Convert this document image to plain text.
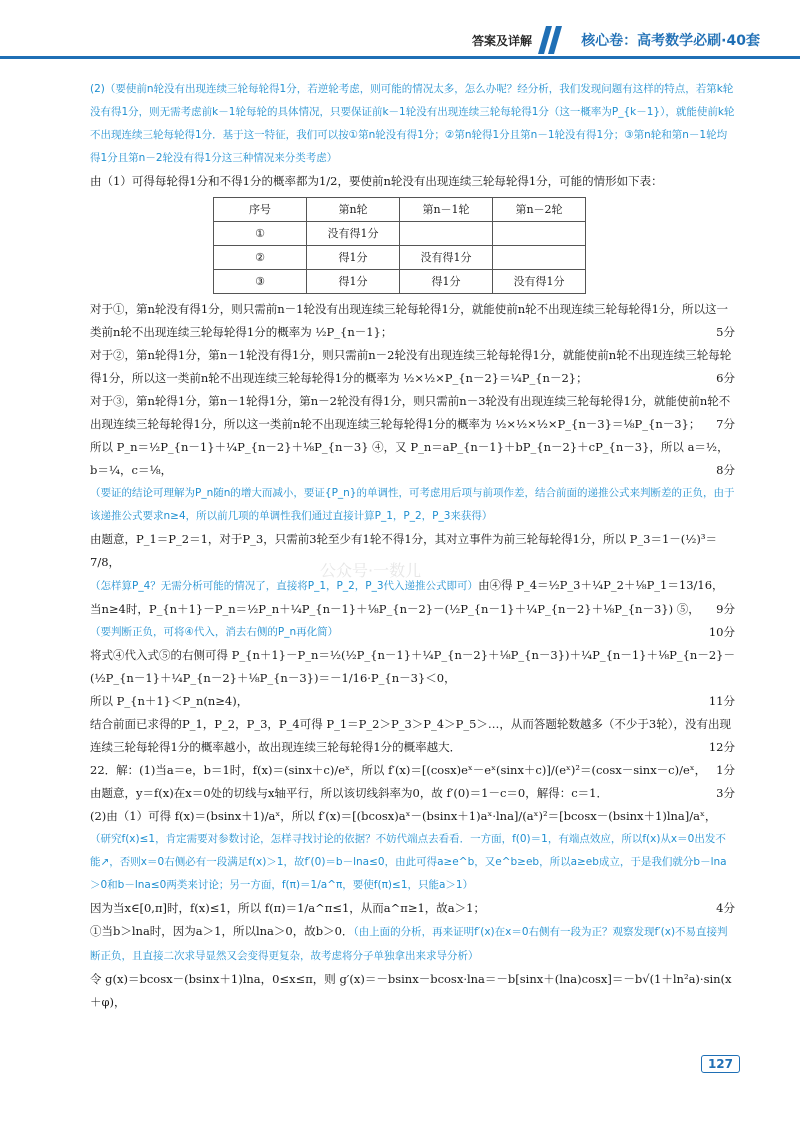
答案及详解	核心卷：高考数学必刷·40套

(2)（要使前n轮没有出现连续三轮每轮得1分，若逆轮考虑，则可能的情况太多，怎么办呢？经分析，我们发现问题有这样的特点，若第k轮没有得1分，则无需考虑前k－1轮每轮的具体情况，只要保证前k－1轮没有出现连续三轮每轮得1分（这一概率为P_{k－1}），就能使前k轮不出现连续三轮每轮得1分．基于这一特征，我们可以按①第n轮没有得1分；②第n轮得1分且第n－1轮没有得1分；③第n轮和第n－1轮均得1分且第n－2轮没有得1分这三种情况来分类考虑）

由（1）可得每轮得1分和不得1分的概率都为1/2，要使前n轮没有出现连续三轮每轮得1分，可能的情形如下表：

序号	第n轮	第n－1轮	第n－2轮
①	没有得1分		
②	得1分	没有得1分	
③	得1分	得1分	没有得1分

对于①，第n轮没有得1分，则只需前n－1轮没有出现连续三轮每轮得1分，就能使前n轮不出现连续三轮每轮得1分，所以这一类前n轮不出现连续三轮每轮得1分的概率为 ½P_{n－1}；	5分

对于②，第n轮得1分，第n－1轮没有得1分，则只需前n－2轮没有出现连续三轮每轮得1分，就能使前n轮不出现连续三轮每轮得1分，所以这一类前n轮不出现连续三轮每轮得1分的概率为 ½×½×P_{n－2}＝¼P_{n－2}；	6分

对于③，第n轮得1分，第n－1轮得1分，第n－2轮没有得1分，则只需前n－3轮没有出现连续三轮每轮得1分，就能使前n轮不出现连续三轮每轮得1分，所以这一类前n轮不出现连续三轮每轮得1分的概率为 ½×½×½×P_{n－3}＝⅛P_{n－3}； 7分

所以 P_n＝½P_{n－1}＋¼P_{n－2}＋⅛P_{n－3} ④，又 P_n＝aP_{n－1}＋bP_{n－2}＋cP_{n－3}，所以 a＝½，b＝¼，c＝⅛，	8分

（要证的结论可理解为P_n随n的增大而减小，要证{P_n}的单调性，可考虑用后项与前项作差，结合前面的递推公式来判断差的正负，由于该递推公式要求n≥4，所以前几项的单调性我们通过直接计算P_1，P_2，P_3来获得）

由题意，P_1＝P_2＝1，对于P_3，只需前3轮至少有1轮不得1分，其对立事件为前三轮每轮得1分，所以 P_3＝1－(½)³＝7/8，

（怎样算P_4？无需分析可能的情况了，直接将P_1，P_2，P_3代入递推公式即可）由④得 P_4＝½P_3＋¼P_2＋⅛P_1＝13/16，
9分

当n≥4时，P_{n＋1}－P_n＝½P_n＋¼P_{n－1}＋⅛P_{n－2}－(½P_{n－1}＋¼P_{n－2}＋⅛P_{n－3}) ⑤，
10分

（要判断正负，可将④代入，消去右侧的P_n再化简）

将式④代入式⑤的右侧可得 P_{n＋1}－P_n＝½(½P_{n－1}＋¼P_{n－2}＋⅛P_{n－3})＋¼P_{n－1}＋⅛P_{n－2}－(½P_{n－1}＋¼P_{n－2}＋⅛P_{n－3})＝－1/16·P_{n－3}＜0，

所以 P_{n＋1}＜P_n(n≥4)，	11分

结合前面已求得的P_1，P_2，P_3，P_4可得 P_1＝P_2＞P_3＞P_4＞P_5＞…，从而答题轮数越多（不少于3轮），没有出现连续三轮每轮得1分的概率越小，故出现连续三轮每轮得1分的概率越大．	12分

22．解：(1)当a＝e，b＝1时，f(x)＝(sinx＋c)/eˣ，所以 f′(x)＝[(cosx)eˣ－eˣ(sinx＋c)]/(eˣ)²＝(cosx－sinx－c)/eˣ， 1分

由题意，y＝f(x)在x＝0处的切线与x轴平行，所以该切线斜率为0，故 f′(0)＝1－c＝0，解得：c＝1．	3分

(2)由（1）可得 f(x)＝(bsinx＋1)/aˣ，所以 f′(x)＝[(bcosx)aˣ－(bsinx＋1)aˣ·lna]/(aˣ)²＝[bcosx－(bsinx＋1)lna]/aˣ，

（研究f(x)≤1，肯定需要对参数讨论，怎样寻找讨论的依据？不妨代端点去看看．一方面，f(0)＝1，有端点效应，所以f(x)从x＝0出发不能↗，否则x＝0右侧必有一段满足f(x)＞1，故f′(0)＝b－lna≤0，由此可得a≥e^b，又e^b≥eb，所以a≥eb成立，于是我们就分b－lna＞0和b－lna≤0两类来讨论；另一方面，f(π)＝1/a^π，要使f(π)≤1，只能a＞1）

因为当x∈[0,π]时，f(x)≤1，所以 f(π)＝1/a^π≤1，从而a^π≥1，故a＞1；	4分

①当b＞lna时，因为a＞1，所以lna＞0，故b＞0．（由上面的分析，再来证明f′(x)在x＝0右侧有一段为正？观察发现f′(x)不易直接判断正负，且直接二次求导显然又会变得更复杂，故考虑将分子单独拿出来求导分析）

令 g(x)＝bcosx－(bsinx＋1)lna，0≤x≤π，则 g′(x)＝－bsinx－bcosx·lna＝－b[sinx＋(lna)cosx]＝－b√(1＋ln²a)·sin(x＋φ)，

公众号·一数儿
127
